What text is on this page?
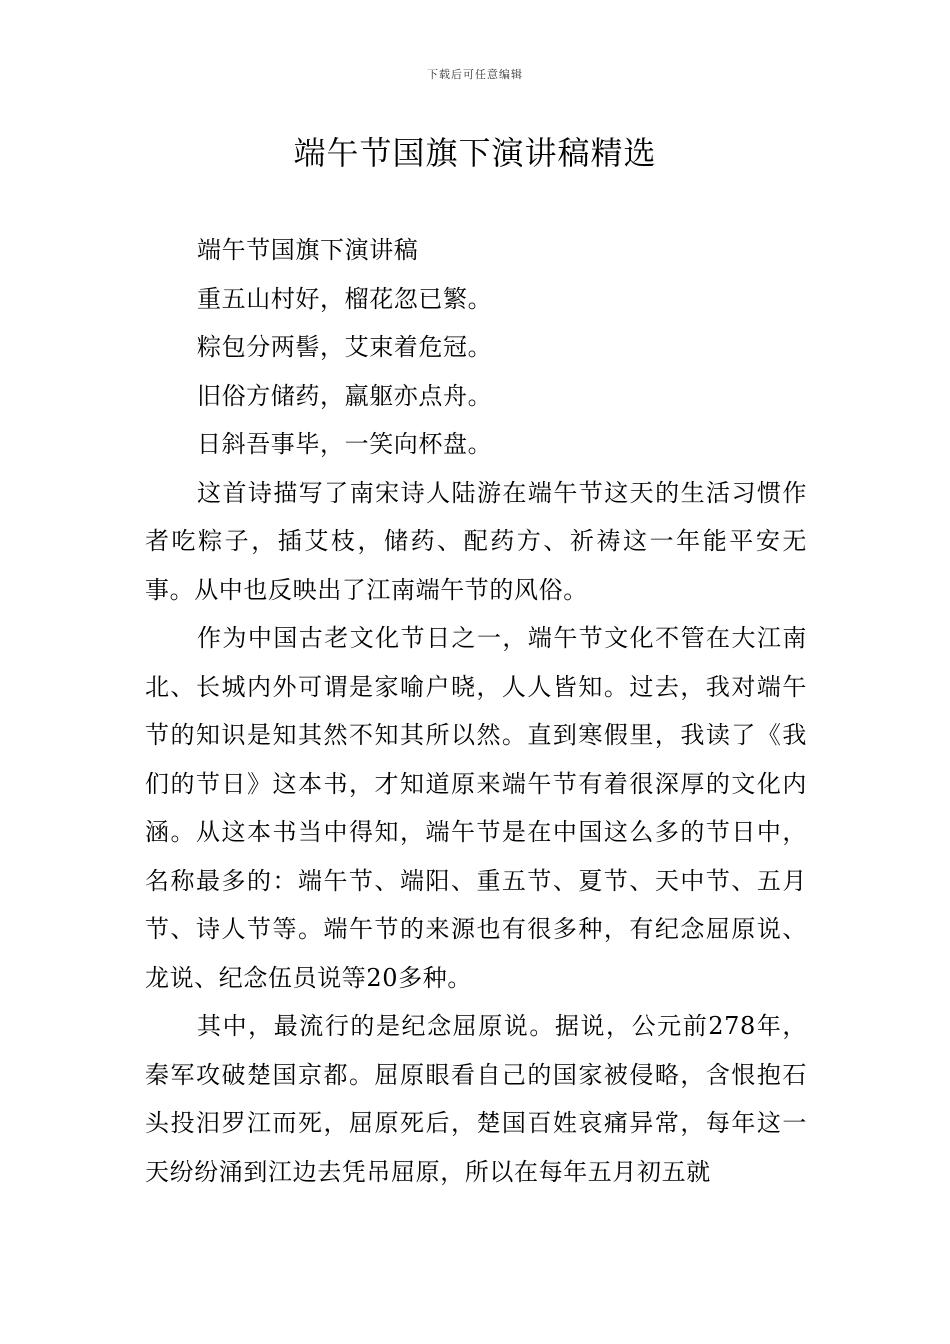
下载后可任意编辑
端午节国旗下演讲稿精选

端午节国旗下演讲稿

重五山村好，榴花忽已繁。

粽包分两髻，艾束着危冠。

旧俗方储药，羸躯亦点舟。

日斜吾事毕，一笑向杯盘。

这首诗描写了南宋诗人陆游在端午节这天的生活习惯作者吃粽子，插艾枝，储药、配药方、祈祷这一年能平安无事。从中也反映出了江南端午节的风俗。

作为中国古老文化节日之一，端午节文化不管在大江南北、长城内外可谓是家喻户晓，人人皆知。过去，我对端午节的知识是知其然不知其所以然。直到寒假里，我读了《我们的节日》这本书，才知道原来端午节有着很深厚的文化内涵。从这本书当中得知，端午节是在中国这么多的节日中，名称最多的：端午节、端阳、重五节、夏节、天中节、五月节、诗人节等。端午节的来源也有很多种，有纪念屈原说、龙说、纪念伍员说等20多种。

其中，最流行的是纪念屈原说。据说，公元前278年，秦军攻破楚国京都。屈原眼看自己的国家被侵略，含恨抱石头投汨罗江而死，屈原死后，楚国百姓哀痛异常，每年这一天纷纷涌到江边去凭吊屈原，所以在每年五月初五就
